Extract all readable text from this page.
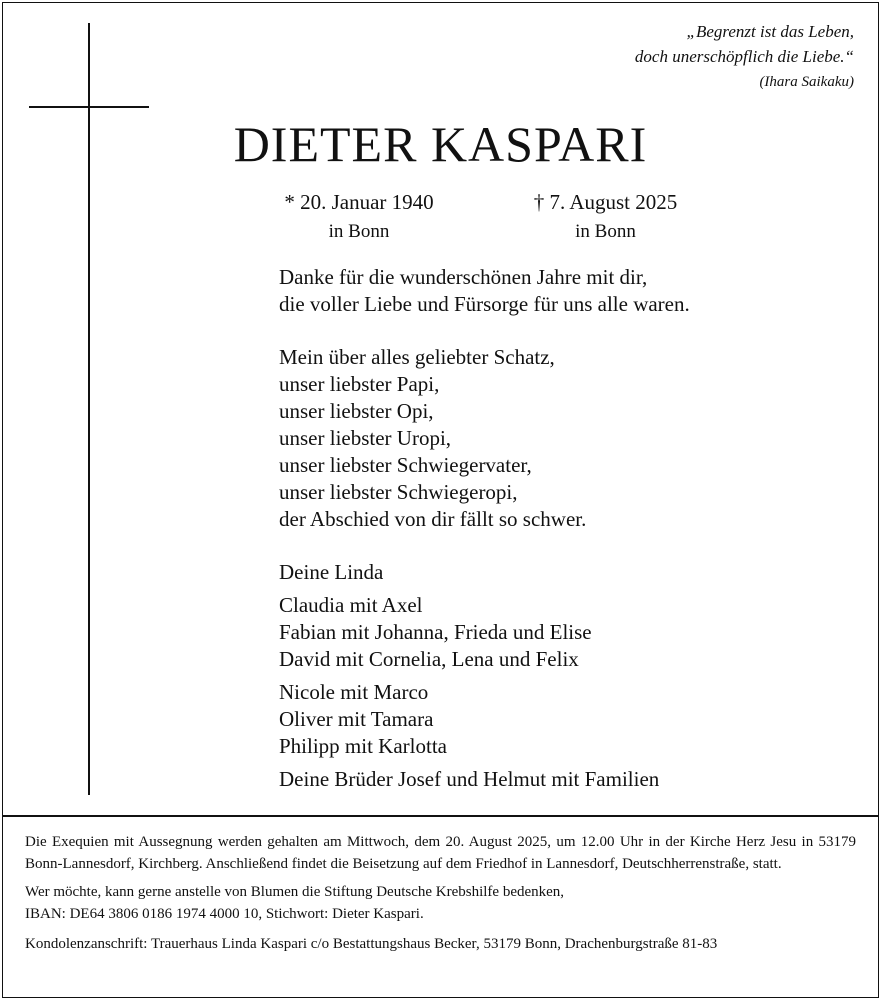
„Begrenzt ist das Leben,
doch unerschöpflich die Liebe.“
(Ihara Saikaku)
DIETER KASPARI
* 20. Januar 1940
in Bonn
† 7. August 2025
in Bonn
Danke für die wunderschönen Jahre mit dir,
die voller Liebe und Fürsorge für uns alle waren.
Mein über alles geliebter Schatz,
unser liebster Papi,
unser liebster Opi,
unser liebster Uropi,
unser liebster Schwiegervater,
unser liebster Schwiegeropi,
der Abschied von dir fällt so schwer.
Deine Linda
Claudia mit Axel
Fabian mit Johanna, Frieda und Elise
David mit Cornelia, Lena und Felix
Nicole mit Marco
Oliver mit Tamara
Philipp mit Karlotta
Deine Brüder Josef und Helmut mit Familien

Die Exequien mit Aussegnung werden gehalten am Mittwoch, dem 20. August 2025, um 12.00 Uhr in der Kirche Herz Jesu in 53179 Bonn-Lannesdorf, Kirchberg. Anschließend findet die Beisetzung auf dem Friedhof in Lannesdorf, Deutschherrenstraße, statt.

Wer möchte, kann gerne anstelle von Blumen die Stiftung Deutsche Krebshilfe bedenken,

IBAN: DE64 3806 0186 1974 4000 10, Stichwort: Dieter Kaspari.

Kondolenzanschrift: Trauerhaus Linda Kaspari c/o Bestattungshaus Becker, 53179 Bonn, Drachenburgstraße 81-83
